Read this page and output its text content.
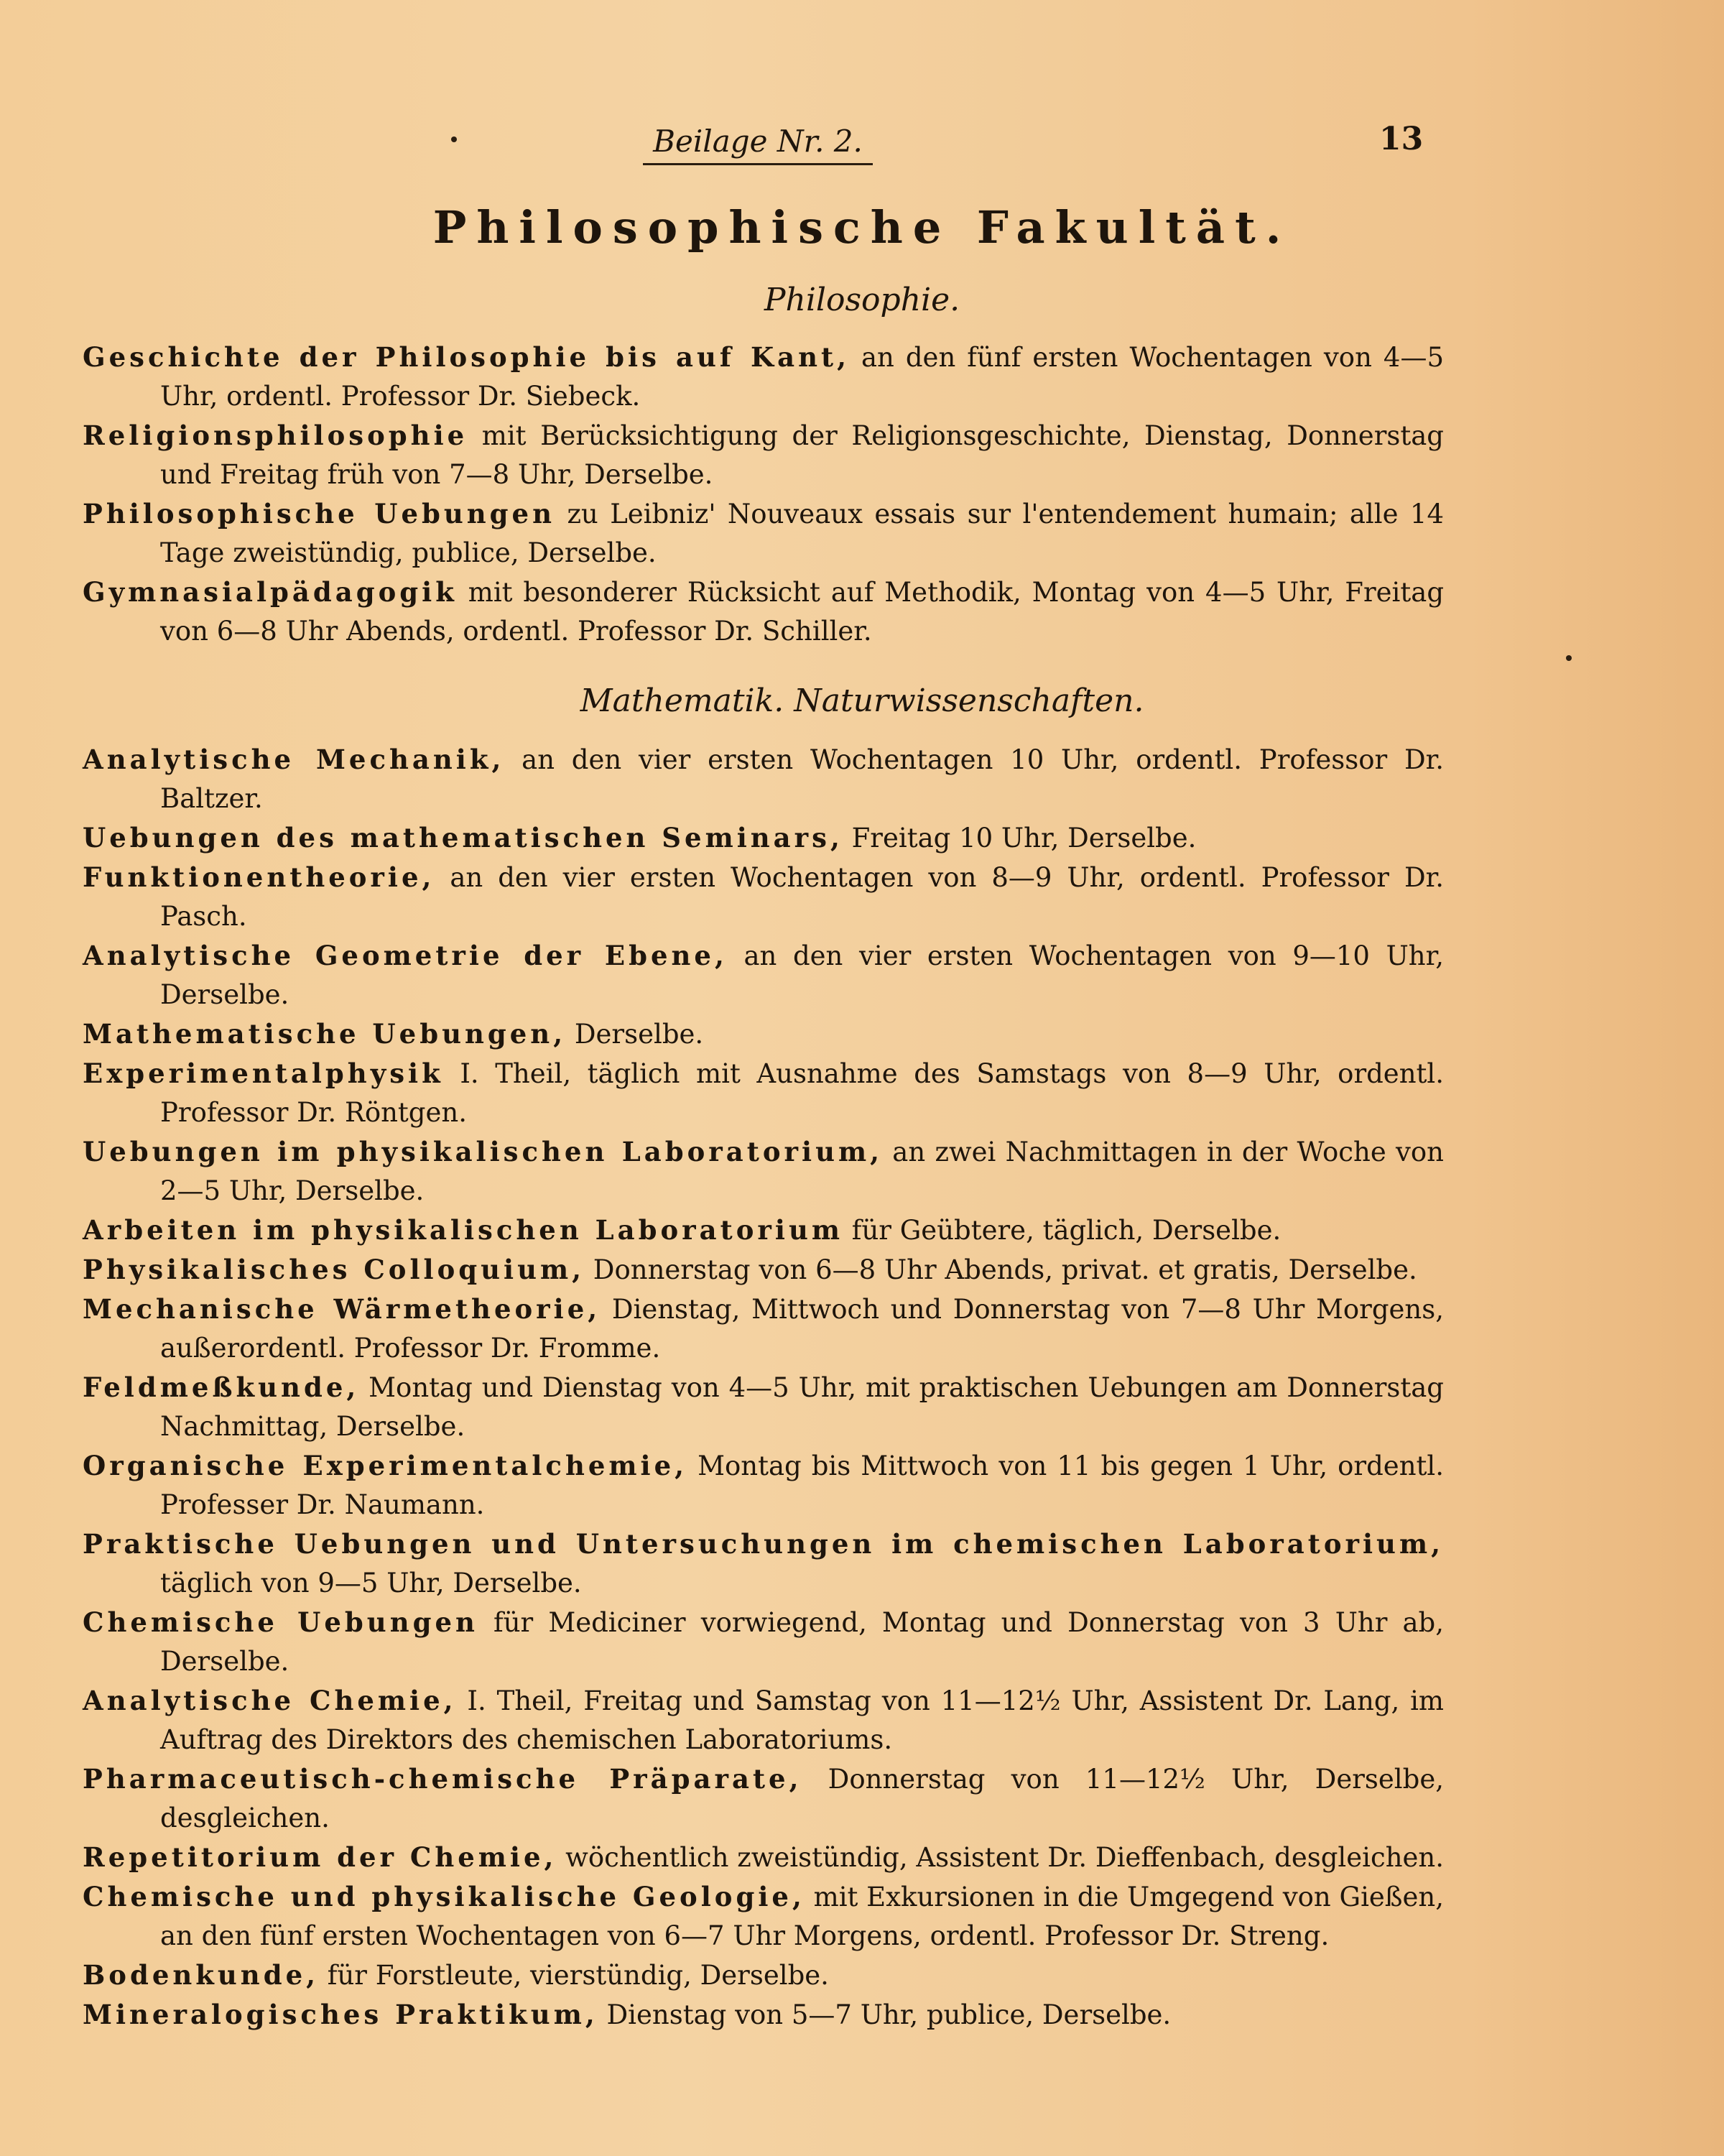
Beilage Nr. 2.	13
Philosophische Fakultät.
Philosophie.

Geschichte der Philosophie bis auf Kant, an den fünf ersten Wochentagen von 4—5 Uhr, ordentl. Professor Dr. Siebeck.

Religionsphilosophie mit Berücksichtigung der Religionsgeschichte, Dienstag, Donnerstag und Freitag früh von 7—8 Uhr, Derselbe.

Philosophische Uebungen zu Leibniz' Nouveaux essais sur l'entendement humain; alle 14 Tage zweistündig, publice, Derselbe.

Gymnasialpädagogik mit besonderer Rücksicht auf Methodik, Montag von 4—5 Uhr, Freitag von 6—8 Uhr Abends, ordentl. Professor Dr. Schiller.

Mathematik. Naturwissenschaften.

Analytische Mechanik, an den vier ersten Wochentagen 10 Uhr, ordentl. Professor Dr. Baltzer.

Uebungen des mathematischen Seminars, Freitag 10 Uhr, Derselbe.

Funktionentheorie, an den vier ersten Wochentagen von 8—9 Uhr, ordentl. Professor Dr. Pasch.

Analytische Geometrie der Ebene, an den vier ersten Wochentagen von 9—10 Uhr, Derselbe.

Mathematische Uebungen, Derselbe.

Experimentalphysik I. Theil, täglich mit Ausnahme des Samstags von 8—9 Uhr, ordentl. Professor Dr. Röntgen.

Uebungen im physikalischen Laboratorium, an zwei Nachmittagen in der Woche von 2—5 Uhr, Derselbe.

Arbeiten im physikalischen Laboratorium für Geübtere, täglich, Derselbe.

Physikalisches Colloquium, Donnerstag von 6—8 Uhr Abends, privat. et gratis, Derselbe.

Mechanische Wärmetheorie, Dienstag, Mittwoch und Donnerstag von 7—8 Uhr Morgens, außerordentl. Professor Dr. Fromme.

Feldmeßkunde, Montag und Dienstag von 4—5 Uhr, mit praktischen Uebungen am Donnerstag Nachmittag, Derselbe.

Organische Experimentalchemie, Montag bis Mittwoch von 11 bis gegen 1 Uhr, ordentl. Professer Dr. Naumann.

Praktische Uebungen und Untersuchungen im chemischen Laboratorium, täglich von 9—5 Uhr, Derselbe.

Chemische Uebungen für Mediciner vorwiegend, Montag und Donnerstag von 3 Uhr ab, Derselbe.

Analytische Chemie, I. Theil, Freitag und Samstag von 11—12½ Uhr, Assistent Dr. Lang, im Auftrag des Direktors des chemischen Laboratoriums.

Pharmaceutisch-chemische Präparate, Donnerstag von 11—12½ Uhr, Derselbe, desgleichen.

Repetitorium der Chemie, wöchentlich zweistündig, Assistent Dr. Dieffenbach, desgleichen.

Chemische und physikalische Geologie, mit Exkursionen in die Umgegend von Gießen, an den fünf ersten Wochentagen von 6—7 Uhr Morgens, ordentl. Professor Dr. Streng.

Bodenkunde, für Forstleute, vierstündig, Derselbe.

Mineralogisches Praktikum, Dienstag von 5—7 Uhr, publice, Derselbe.
